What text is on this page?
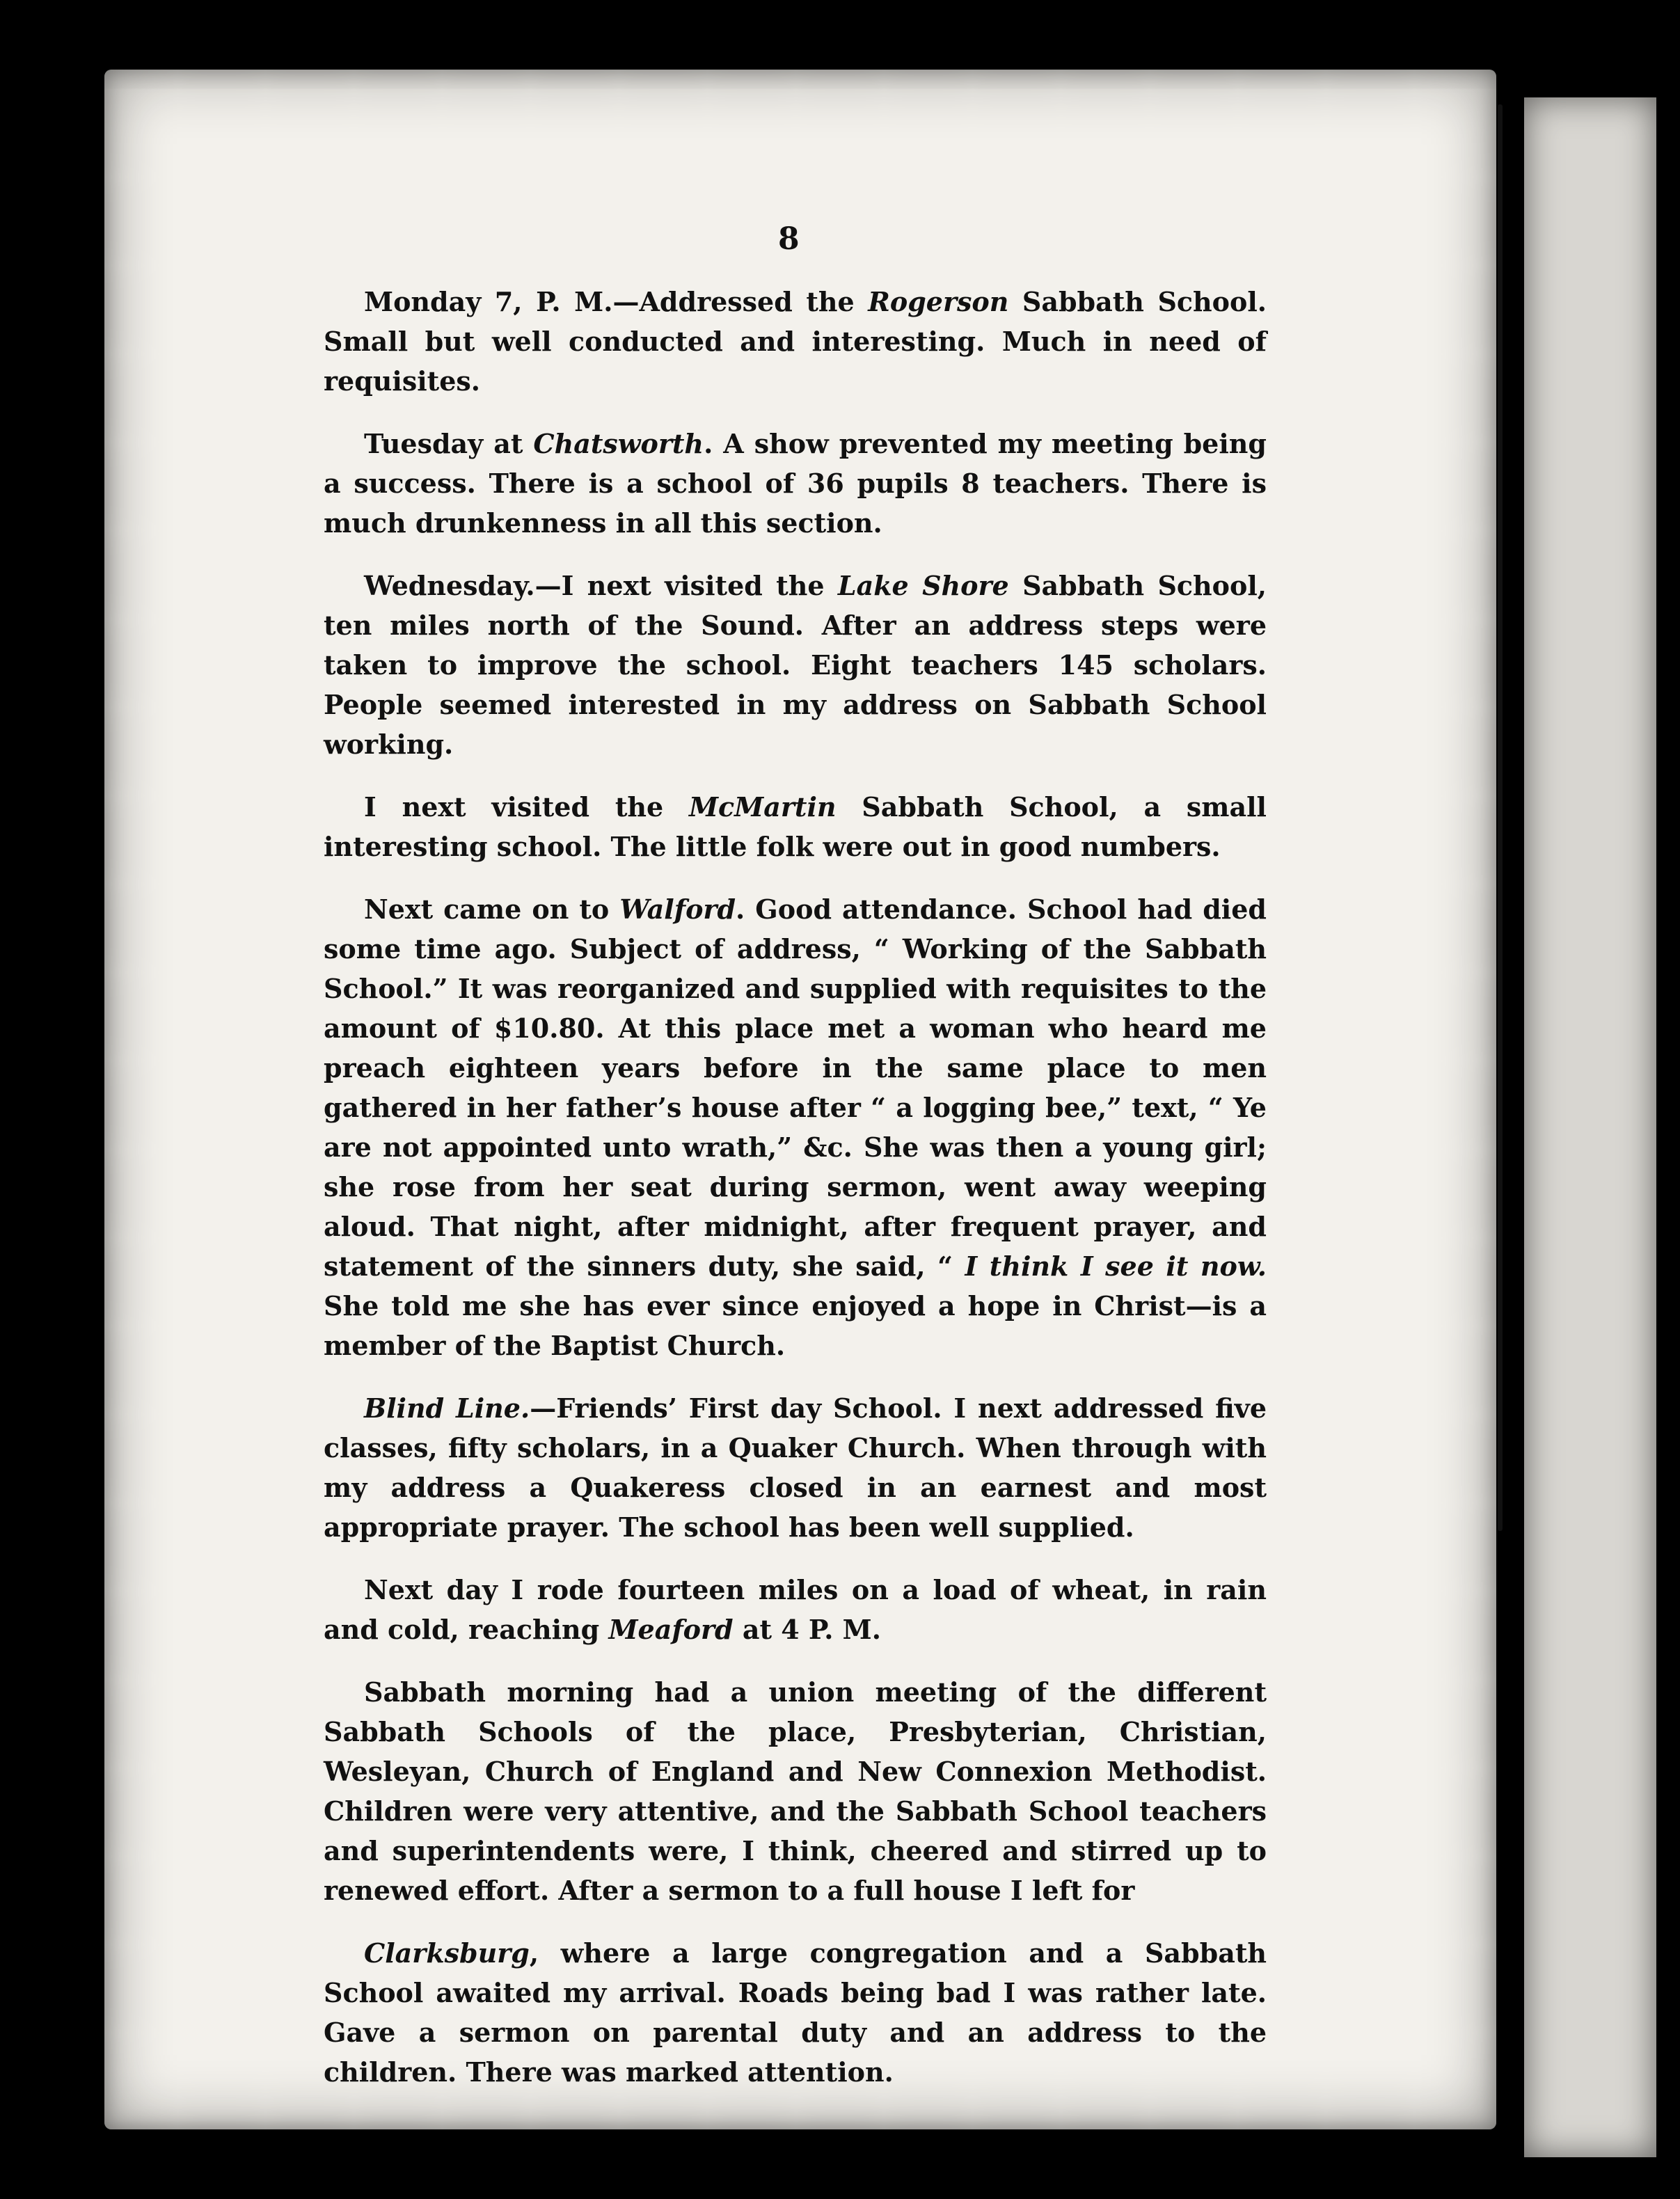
8

Monday 7, P. M.—Addressed the Rogerson Sabbath School. Small but well conducted and interesting. Much in need of requisites.

Tuesday at Chatsworth. A show prevented my meeting being a success. There is a school of 36 pupils 8 teachers. There is much drunkenness in all this section.

Wednesday.—I next visited the Lake Shore Sabbath School, ten miles north of the Sound. After an address steps were taken to improve the school. Eight teachers 145 scholars. People seemed interested in my address on Sabbath School working.

I next visited the McMartin Sabbath School, a small interesting school. The little folk were out in good numbers.

Next came on to Walford. Good attendance. School had died some time ago. Subject of address, “ Working of the Sabbath School.” It was reorganized and supplied with requisites to the amount of $10.80. At this place met a woman who heard me preach eighteen years before in the same place to men gathered in her father’s house after “ a logging bee,” text, “ Ye are not appointed unto wrath,” &c. She was then a young girl; she rose from her seat during sermon, went away weeping aloud. That night, after midnight, after frequent prayer, and statement of the sinners duty, she said, “ I think I see it now. She told me she has ever since enjoyed a hope in Christ—is a member of the Baptist Church.

Blind Line.—Friends’ First day School. I next addressed five classes, fifty scholars, in a Quaker Church. When through with my address a Quakeress closed in an earnest and most appropriate prayer. The school has been well supplied.

Next day I rode fourteen miles on a load of wheat, in rain and cold, reaching Meaford at 4 P. M.

Sabbath morning had a union meeting of the different Sabbath Schools of the place, Presbyterian, Christian, Wesleyan, Church of England and New Connexion Methodist. Children were very attentive, and the Sabbath School teachers and superintendents were, I think, cheered and stirred up to renewed effort. After a sermon to a full house I left for

Clarksburg, where a large congregation and a Sabbath School awaited my arrival. Roads being bad I was rather late. Gave a sermon on parental duty and an address to the children. There was marked attention.
